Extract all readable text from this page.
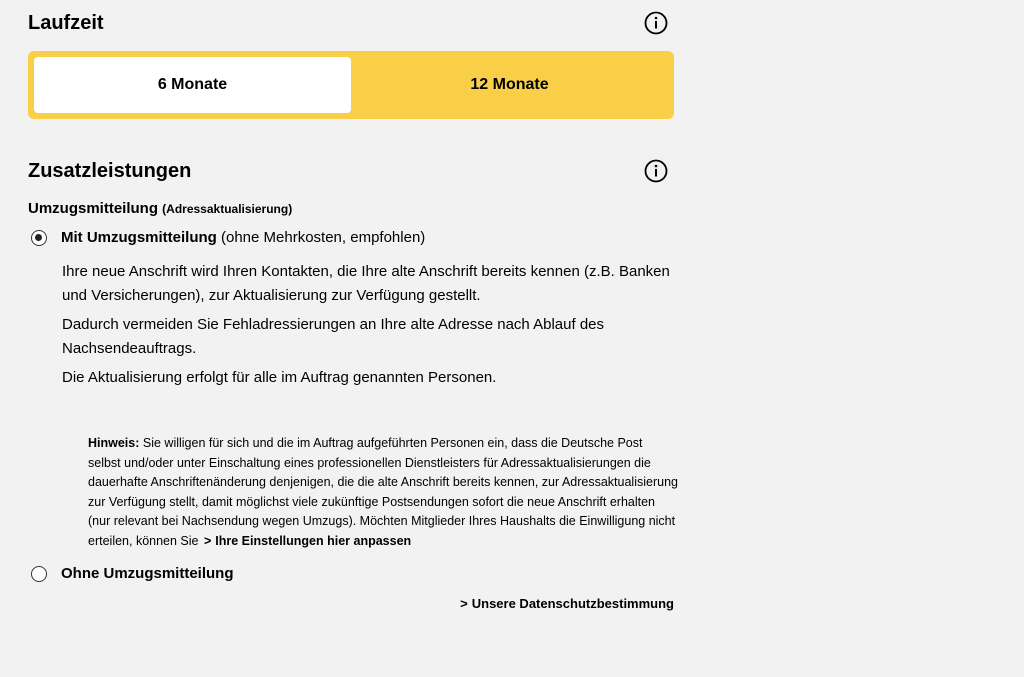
Laufzeit
6 Monate	12 Monate
Zusatzleistungen
Umzugsmitteilung (Adressaktualisierung)
Mit Umzugsmitteilung (ohne Mehrkosten, empfohlen)

Ihre neue Anschrift wird Ihren Kontakten, die Ihre alte Anschrift bereits kennen (z.B. Banken und Versicherungen), zur Aktualisierung zur Verfügung gestellt.

Dadurch vermeiden Sie Fehladressierungen an Ihre alte Adresse nach Ablauf des Nachsendeauftrags.

Die Aktualisierung erfolgt für alle im Auftrag genannten Personen.

Hinweis: Sie willigen für sich und die im Auftrag aufgeführten Personen ein, dass die Deutsche Post selbst und/oder unter Einschaltung eines professionellen Dienstleisters für Adressaktualisierungen die dauerhafte Anschriftenänderung denjenigen, die die alte Anschrift bereits kennen, zur Adressaktualisierung zur Verfügung stellt, damit möglichst viele zukünftige Postsendungen sofort die neue Anschrift erhalten (nur relevant bei Nachsendung wegen Umzugs). Möchten Mitglieder Ihres Haushalts die Einwilligung nicht erteilen, können Sie > Ihre Einstellungen hier anpassen
Ohne Umzugsmitteilung
> Unsere Datenschutzbestimmung
